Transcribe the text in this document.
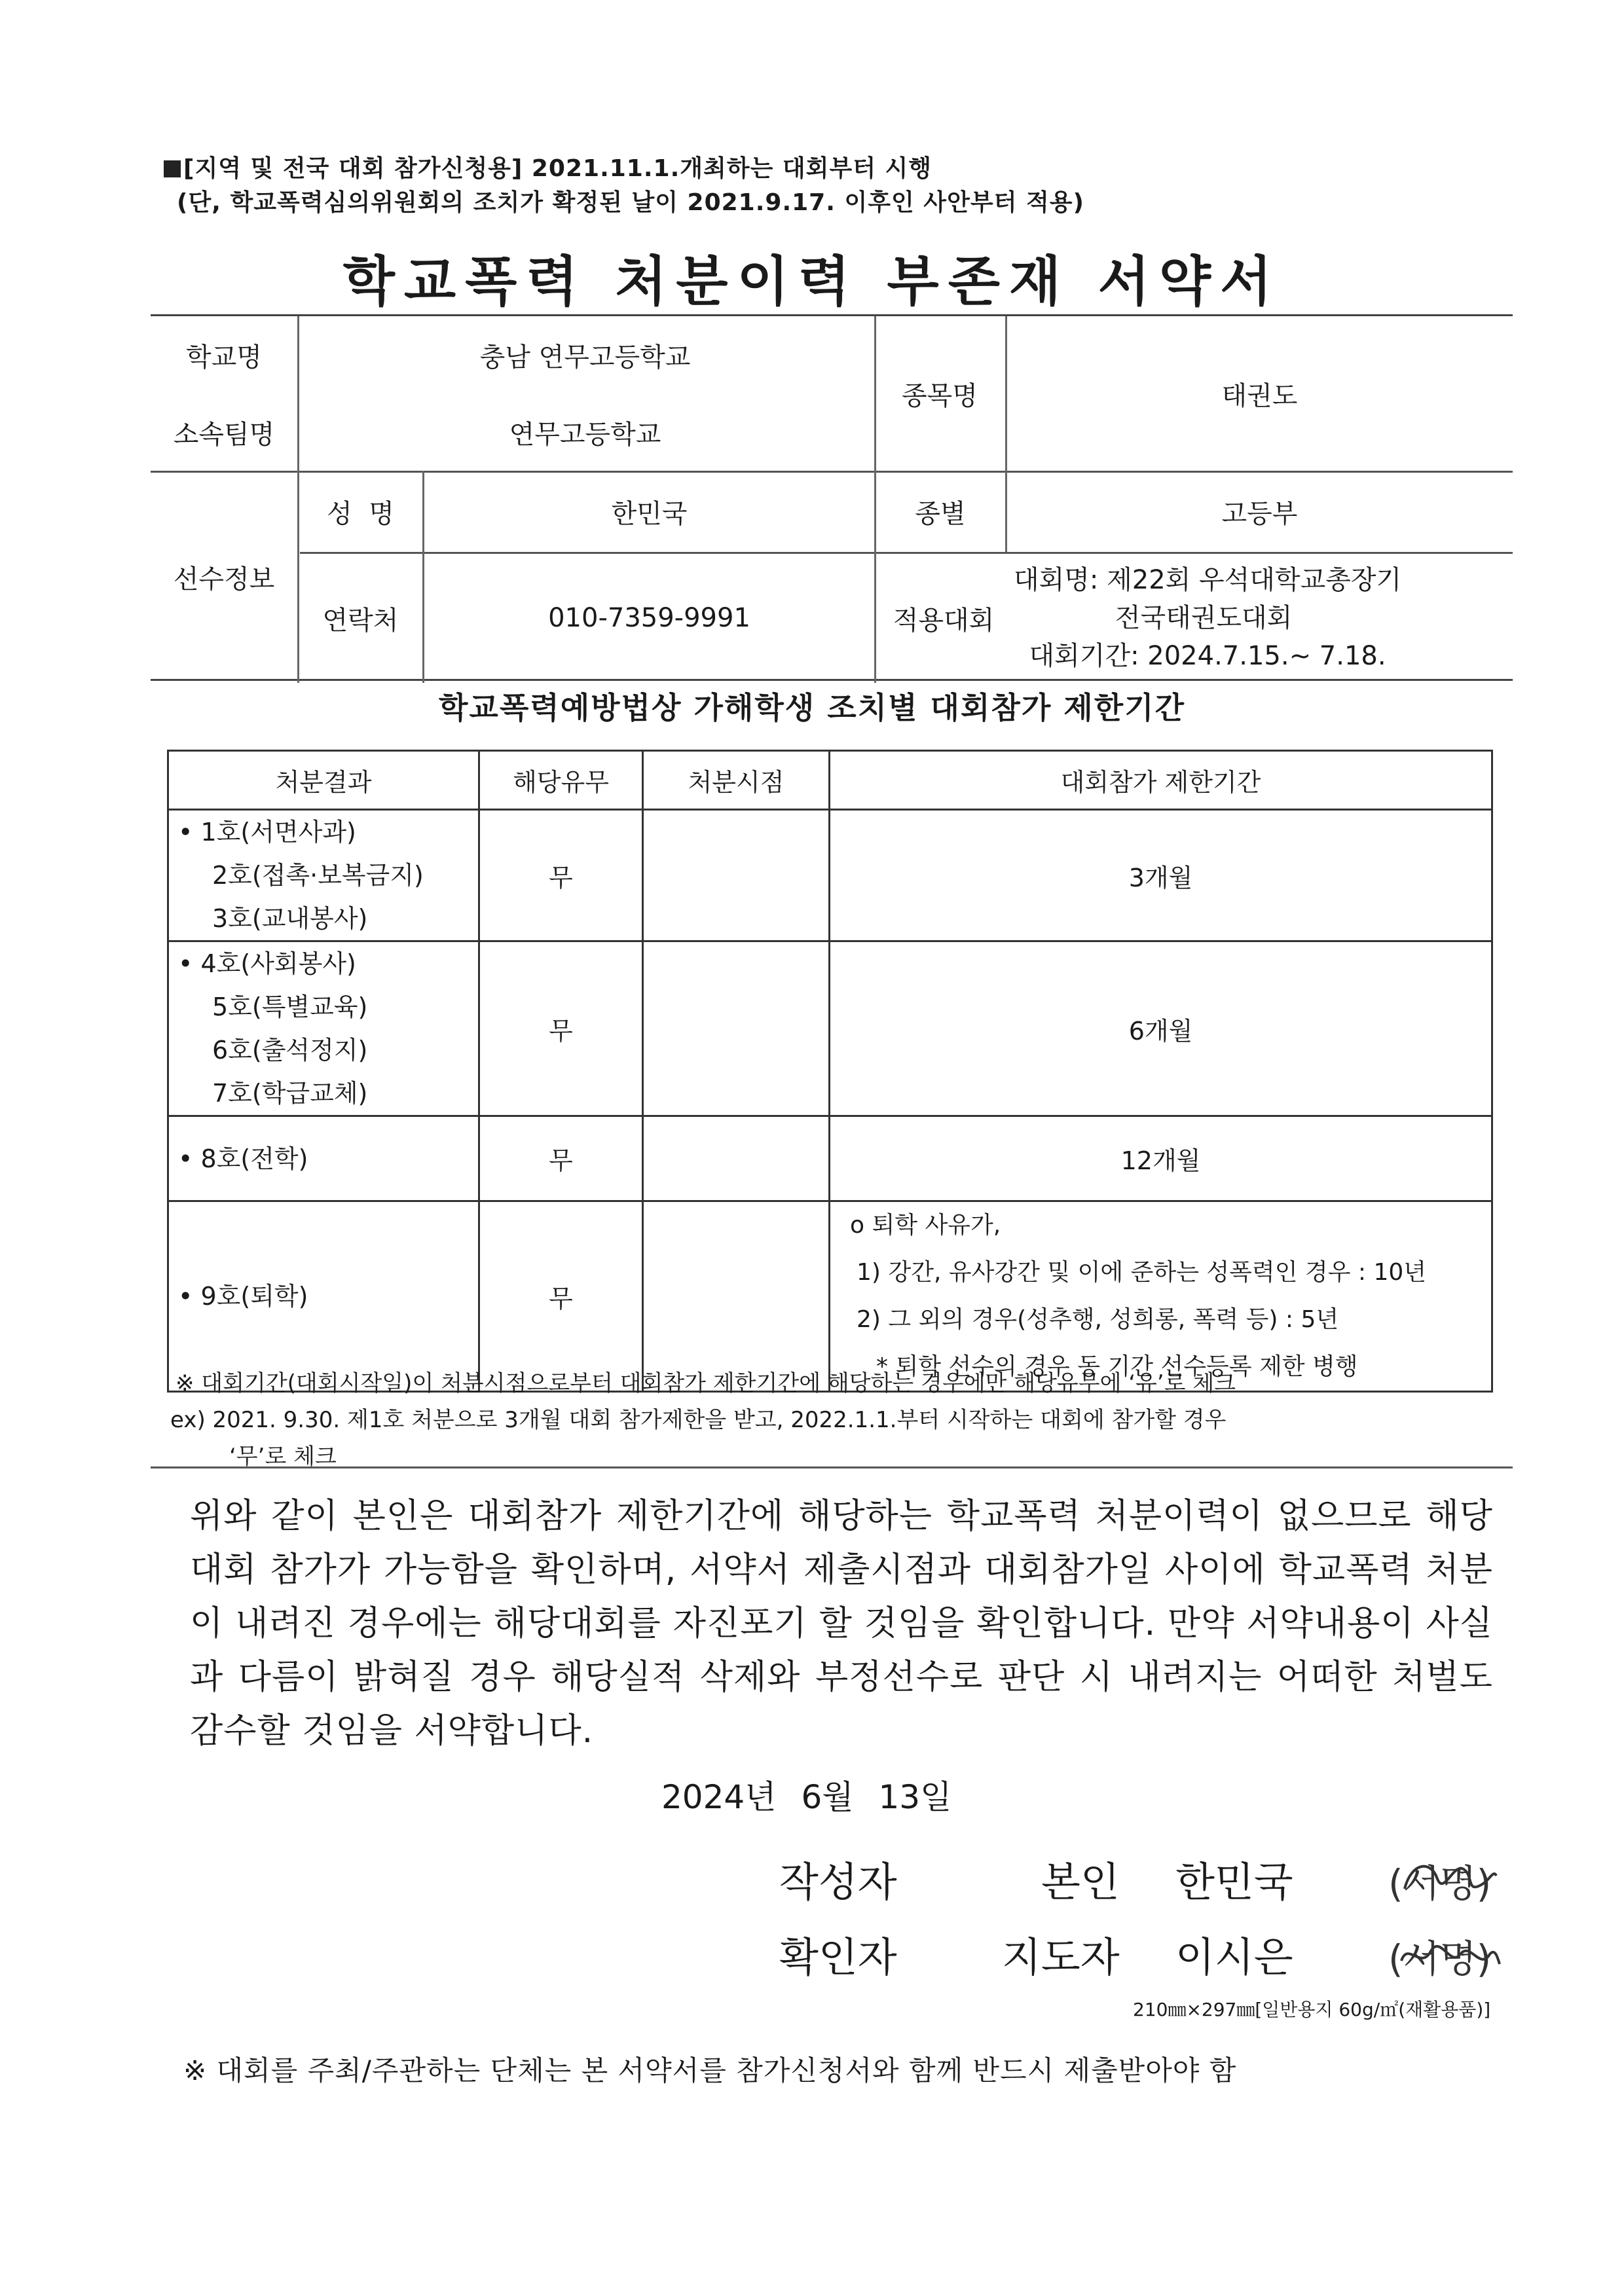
[지역 및 전국 대회 참가신청용] 2021.11.1.개최하는 대회부터 시행
(단, 학교폭력심의위원회의 조치가 확정된 날이 2021.9.17. 이후인 사안부터 적용)
학교폭력 처분이력 부존재 서약서
학교명	충남 연무고등학교
소속팀명	연무고등학교
종목명	태권도
선수정보
성  명	한민국	종별	고등부
연락처	010-7359-9991	적용대회
대회명: 제22회 우석대학교총장기
전국태권도대회
대회기간: 2024.7.15.~ 7.18.
학교폭력예방법상 가해학생 조치별 대회참가 제한기간
처분결과	해당유무	처분시점	대회참가 제한기간

• 1호(서면사과)
2호(접촉·보복금지)
3호(교내봉사)	무		3개월

• 4호(사회봉사)
5호(특별교육)
6호(출석정지)
7호(학급교체)	무		6개월

• 8호(전학)	무		12개월

• 9호(퇴학)	무		o 퇴학 사유가,
1) 강간, 유사강간 및 이에 준하는 성폭력인 경우 : 10년
2) 그 외의 경우(성추행, 성희롱, 폭력 등) : 5년
* 퇴학 선수의 경우 동 기간 선수등록 제한 병행
※ 대회기간(대회시작일)이 처분시점으로부터 대회참가 제한기간에 해당하는 경우에만 해당유무에 ‘유’로 체크
ex) 2021. 9.30. 제1호 처분으로 3개월 대회 참가제한을 받고, 2022.1.1.부터 시작하는 대회에 참가할 경우
‘무’로 체크
위와 같이 본인은 대회참가 제한기간에 해당하는 학교폭력 처분이력이 없으므로 해당 대회 참가가 가능함을 확인하며, 서약서 제출시점과 대회참가일 사이에 학교폭력 처분이 내려진 경우에는 해당대회를 자진포기 할 것임을 확인합니다. 만약 서약내용이 사실과 다름이 밝혀질 경우 해당실적 삭제와 부정선수로 판단 시 내려지는 어떠한 처벌도 감수할 것임을 서약합니다.
2024년 6월 13일
작성자	본인 한민국	(서명)
확인자	지도자 이시은	(서명)
210㎜×297㎜[일반용지 60g/㎡(재활용품)]
※ 대회를 주최/주관하는 단체는 본 서약서를 참가신청서와 함께 반드시 제출받아야 함
